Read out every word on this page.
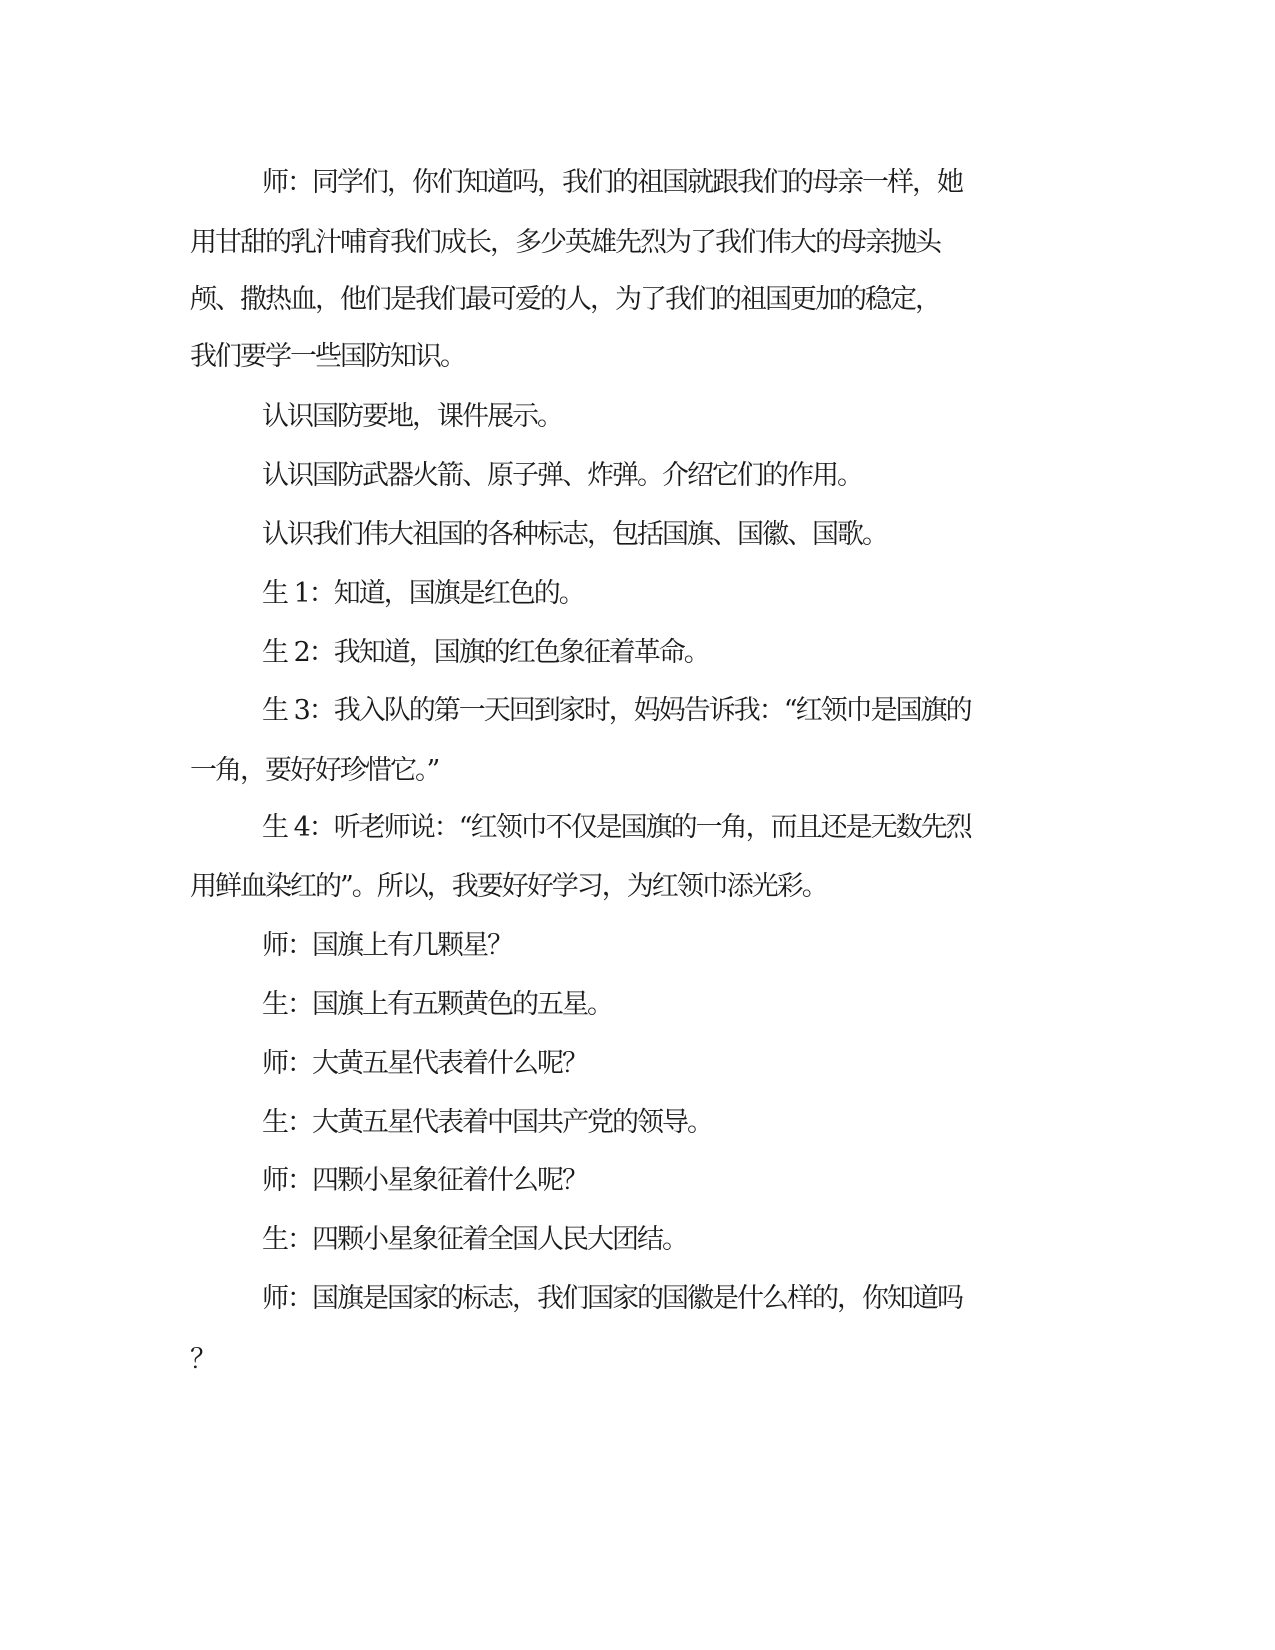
师：同学们，你们知道吗，我们的祖国就跟我们的母亲一样，她
用甘甜的乳汁哺育我们成长，多少英雄先烈为了我们伟大的母亲抛头
颅、撒热血，他们是我们最可爱的人，为了我们的祖国更加的稳定，
我们要学一些国防知识。
认识国防要地，课件展示。
认识国防武器火箭、原子弹、炸弹。介绍它们的作用。
认识我们伟大祖国的各种标志，包括国旗、国徽、国歌。
生 1：知道，国旗是红色的。
生 2：我知道，国旗的红色象征着革命。
生 3：我入队的第一天回到家时，妈妈告诉我：“红领巾是国旗的
一角，要好好珍惜它。”
生 4：听老师说：“红领巾不仅是国旗的一角，而且还是无数先烈
用鲜血染红的”。所以，我要好好学习，为红领巾添光彩。
师：国旗上有几颗星？
生：国旗上有五颗黄色的五星。
师：大黄五星代表着什么呢？
生：大黄五星代表着中国共产党的领导。
师：四颗小星象征着什么呢？
生：四颗小星象征着全国人民大团结。
师：国旗是国家的标志，我们国家的国徽是什么样的，你知道吗
？
